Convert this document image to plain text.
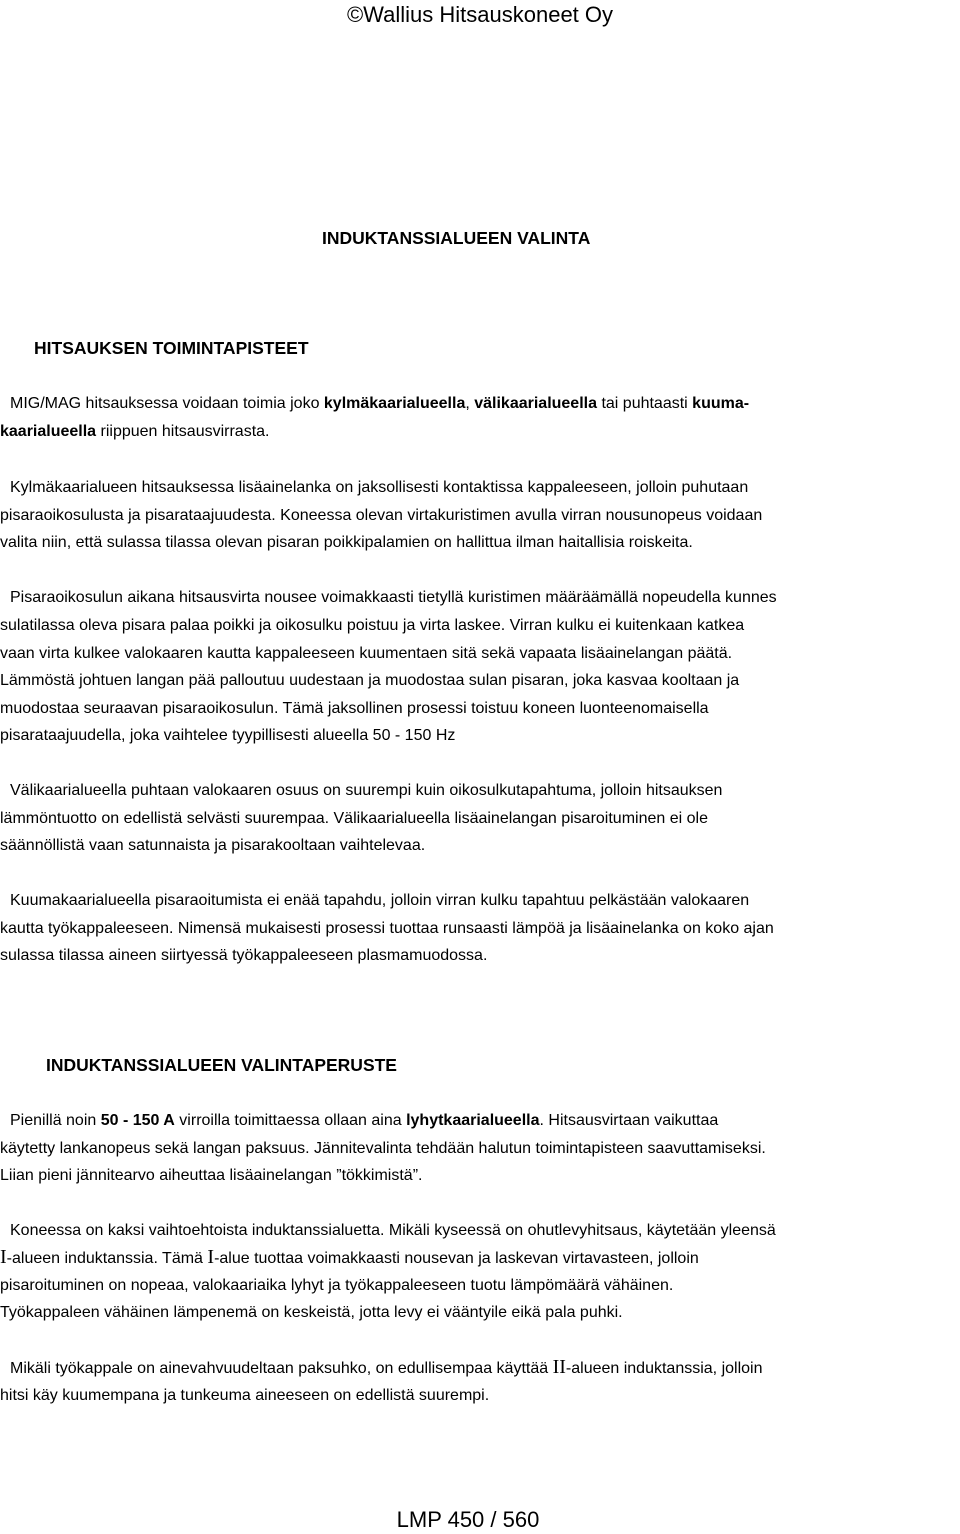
©Wallius Hitsauskoneet Oy
INDUKTANSSIALUEEN VALINTA
HITSAUKSEN TOIMINTAPISTEET
MIG/MAG hitsauksessa voidaan toimia joko kylmäkaarialueella, välikaarialueella tai puhtaasti kuuma-
kaarialueella riippuen hitsausvirrasta.
Kylmäkaarialueen hitsauksessa lisäainelanka on jaksollisesti kontaktissa kappaleeseen, jolloin puhutaan
pisaraoikosulusta ja pisarataajuudesta. Koneessa olevan virtakuristimen avulla virran nousunopeus voidaan
valita niin, että sulassa tilassa olevan pisaran poikkipalamien on hallittua ilman haitallisia roiskeita.
Pisaraoikosulun aikana hitsausvirta nousee voimakkaasti tietyllä kuristimen määräämällä nopeudella kunnes
sulatilassa oleva pisara palaa poikki ja oikosulku poistuu ja virta laskee. Virran kulku ei kuitenkaan katkea
vaan virta kulkee valokaaren kautta kappaleeseen kuumentaen sitä sekä vapaata lisäainelangan päätä.
Lämmöstä johtuen langan pää palloutuu uudestaan ja muodostaa sulan pisaran, joka kasvaa kooltaan ja
muodostaa seuraavan pisaraoikosulun. Tämä jaksollinen prosessi toistuu koneen luonteenomaisella
pisarataajuudella, joka vaihtelee tyypillisesti alueella 50 - 150 Hz
Välikaarialueella puhtaan valokaaren osuus on suurempi kuin oikosulkutapahtuma, jolloin hitsauksen
lämmöntuotto on edellistä selvästi suurempaa. Välikaarialueella lisäainelangan pisaroituminen ei ole
säännöllistä vaan satunnaista ja pisarakooltaan vaihtelevaa.
Kuumakaarialueella pisaraoitumista ei enää tapahdu, jolloin virran kulku tapahtuu pelkästään valokaaren
kautta työkappaleeseen. Nimensä mukaisesti prosessi tuottaa runsaasti lämpöä ja lisäainelanka on koko ajan
sulassa tilassa aineen siirtyessä työkappaleeseen plasmamuodossa.
INDUKTANSSIALUEEN VALINTAPERUSTE
Pienillä noin 50 - 150 A virroilla toimittaessa ollaan aina lyhytkaarialueella. Hitsausvirtaan vaikuttaa
käytetty lankanopeus sekä langan paksuus. Jännitevalinta tehdään halutun toimintapisteen saavuttamiseksi.
Liian pieni jännitearvo aiheuttaa lisäainelangan ”tökkimistä”.
Koneessa on kaksi vaihtoehtoista induktanssialuetta. Mikäli kyseessä on ohutlevyhitsaus, käytetään yleensä
I-alueen induktanssia. Tämä I-alue tuottaa voimakkaasti nousevan ja laskevan virtavasteen, jolloin
pisaroituminen on nopeaa, valokaariaika lyhyt ja työkappaleeseen tuotu lämpömäärä vähäinen.
Työkappaleen vähäinen lämpenemä on keskeistä, jotta levy ei vääntyile eikä pala puhki.
Mikäli työkappale on ainevahvuudeltaan paksuhko, on edullisempaa käyttää II-alueen induktanssia, jolloin
hitsi käy kuumempana ja tunkeuma aineeseen on edellistä suurempi.
LMP 450 / 560
